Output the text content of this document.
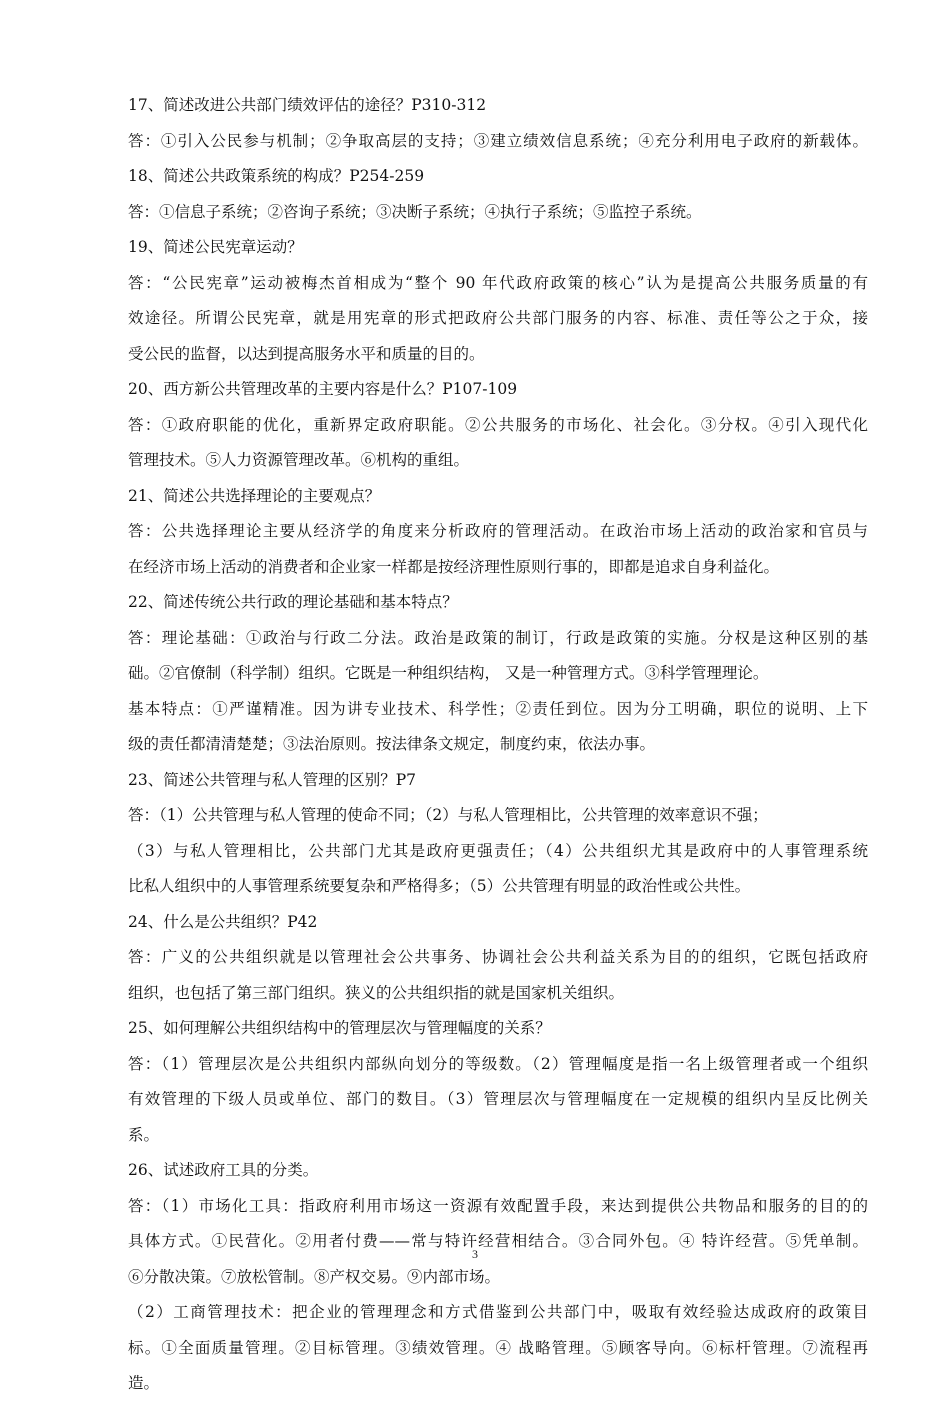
17、简述改进公共部门绩效评估的途径？P310-312
答：①引入公民参与机制；②争取高层的支持；③建立绩效信息系统；④充分利用电子政府的新载体。
18、简述公共政策系统的构成？P254-259
答：①信息子系统；②咨询子系统；③决断子系统；④执行子系统；⑤监控子系统。
19、简述公民宪章运动？
答：“公民宪章”运动被梅杰首相成为“整个 90 年代政府政策的核心”认为是提高公共服务质量的有
效途径。所谓公民宪章，就是用宪章的形式把政府公共部门服务的内容、标准、责任等公之于众，接
受公民的监督，以达到提高服务水平和质量的目的。
20、西方新公共管理改革的主要内容是什么？P107-109
答：①政府职能的优化，重新界定政府职能。②公共服务的市场化、社会化。③分权。④引入现代化
管理技术。⑤人力资源管理改革。⑥机构的重组。
21、简述公共选择理论的主要观点？
答：公共选择理论主要从经济学的角度来分析政府的管理活动。在政治市场上活动的政治家和官员与
在经济市场上活动的消费者和企业家一样都是按经济理性原则行事的，即都是追求自身利益化。
22、简述传统公共行政的理论基础和基本特点？
答：理论基础：①政治与行政二分法。政治是政策的制订，行政是政策的实施。分权是这种区别的基
础。②官僚制（科学制）组织。它既是一种组织结构， 又是一种管理方式。③科学管理理论。
基本特点：①严谨精准。因为讲专业技术、科学性；②责任到位。因为分工明确，职位的说明、上下
级的责任都清清楚楚；③法治原则。按法律条文规定，制度约束，依法办事。
23、简述公共管理与私人管理的区别？P7
答：（1）公共管理与私人管理的使命不同；（2）与私人管理相比，公共管理的效率意识不强；
（3）与私人管理相比，公共部门尤其是政府更强责任；（4）公共组织尤其是政府中的人事管理系统
比私人组织中的人事管理系统要复杂和严格得多；（5）公共管理有明显的政治性或公共性。
24、什么是公共组织？P42
答：广义的公共组织就是以管理社会公共事务、协调社会公共利益关系为目的的组织，它既包括政府
组织，也包括了第三部门组织。狭义的公共组织指的就是国家机关组织。
25、如何理解公共组织结构中的管理层次与管理幅度的关系？
答：（1）管理层次是公共组织内部纵向划分的等级数。（2）管理幅度是指一名上级管理者或一个组织
有效管理的下级人员或单位、部门的数目。（3）管理层次与管理幅度在一定规模的组织内呈反比例关
系。
26、试述政府工具的分类。
答：（1）市场化工具：指政府利用市场这一资源有效配置手段，来达到提供公共物品和服务的目的的
具体方式。①民营化。②用者付费——常与特许经营相结合。③合同外包。④ 特许经营。⑤凭单制。
⑥分散决策。⑦放松管制。⑧产权交易。⑨内部市场。
（2）工商管理技术：把企业的管理理念和方式借鉴到公共部门中，吸取有效经验达成政府的政策目
标。①全面质量管理。②目标管理。③绩效管理。④ 战略管理。⑤顾客导向。⑥标杆管理。⑦流程再
造。
3
